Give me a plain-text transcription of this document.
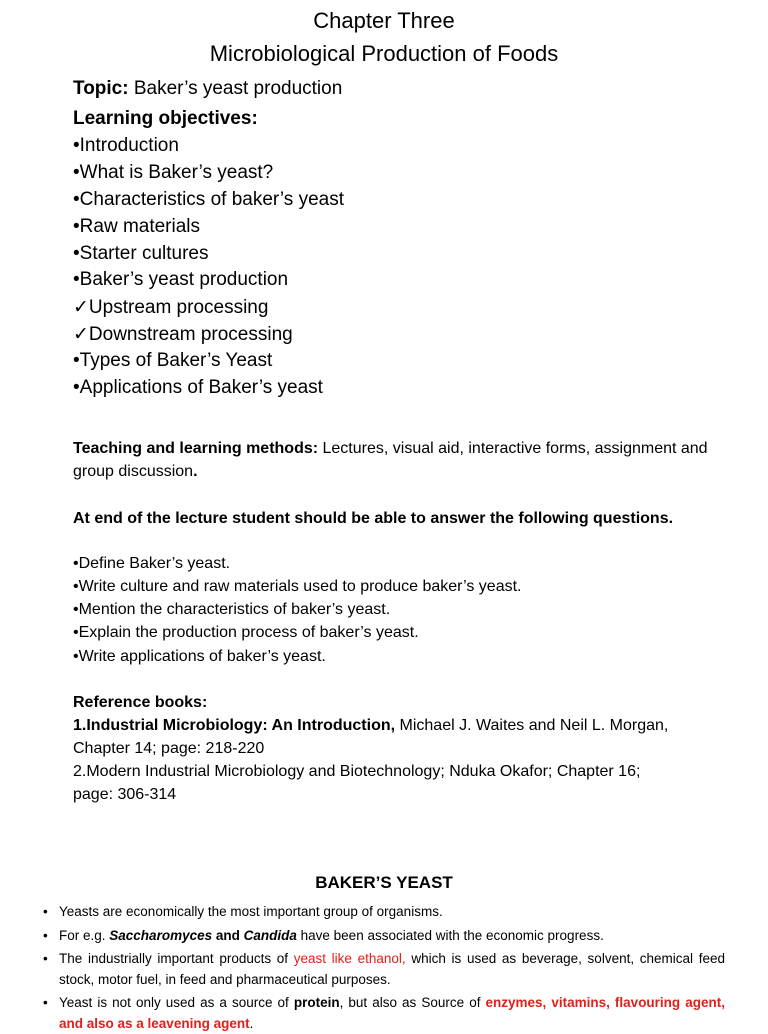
Chapter Three
Microbiological Production of Foods
Topic: Baker’s yeast production
Learning objectives:
•Introduction
•What is Baker’s yeast?
•Characteristics of baker’s yeast
•Raw materials
•Starter cultures
•Baker’s yeast production
✓Upstream processing
✓Downstream processing
•Types of Baker’s Yeast
•Applications of Baker’s yeast
Teaching and learning methods: Lectures, visual aid, interactive forms, assignment and group discussion.
At end of the lecture student should be able to answer the following questions.
•Define Baker’s yeast.
•Write culture and raw materials used to produce baker’s yeast.
•Mention the characteristics of baker’s yeast.
•Explain the production process of baker’s yeast.
•Write applications of baker’s yeast.
Reference books:
1.Industrial Microbiology: An Introduction, Michael J. Waites and Neil L. Morgan, Chapter 14; page: 218-220
2.Modern Industrial Microbiology and Biotechnology; Nduka Okafor; Chapter 16; page: 306-314
BAKER’S YEAST
• Yeasts are economically the most important group of organisms.
• For e.g. Saccharomyces and Candida have been associated with the economic progress.
• The industrially important products of yeast like ethanol, which is used as beverage, solvent, chemical feed stock, motor fuel, in feed and pharmaceutical purposes.
• Yeast is not only used as a source of protein, but also as Source of enzymes, vitamins, flavouring agent, and also as a leavening agent.
